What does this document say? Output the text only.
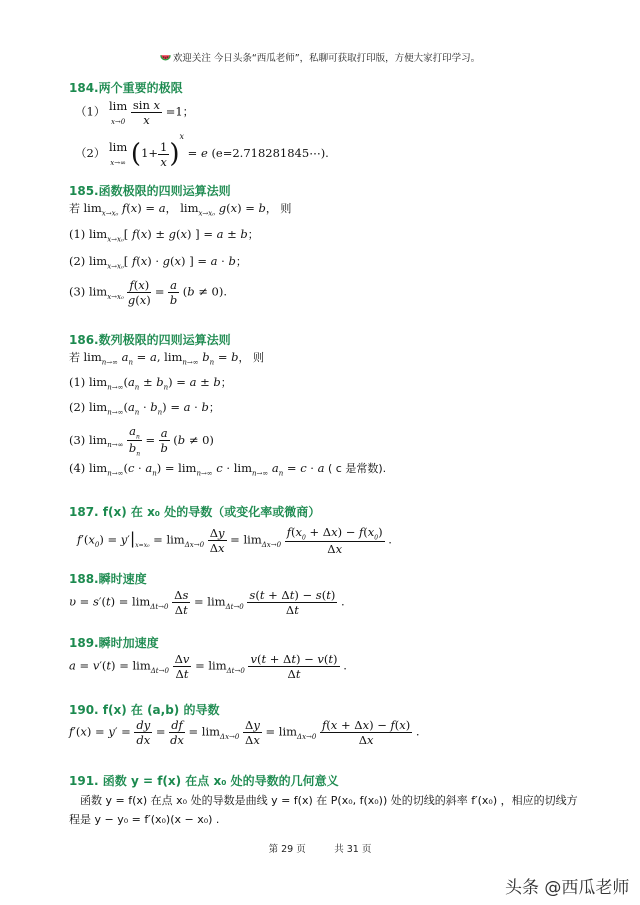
欢迎关注 今日头条“西瓜老师”，私聊可获取打印版，方便大家打印学习。
184.两个重要的极限
（1） lim
$x\to 0 \frac{\text{sin x}}{x} =1$；
（2） lim
x→∞ $(1+ \frac{1}{x} )^x = e$ (e=2.718281845⋯).
185.函数极限的四则运算法则
若 $\lim_{x\to x_0} f(x) = a$， $\lim_{x\to x_0} g(x) = b$， 则
(1) $\lim_{x\to x_0}$[ f(x) ± g(x) ] = a ± b；
(2) $\lim_{x\to x_0}$[ f(x) · g(x) ] = a · b；
(3) $\lim_{x\to x_0} \frac{f(x)}{g(x)} = \frac{a}{b} (b \ne 0)$.
186.数列极限的四则运算法则
若 $\lim_{n\to\infty} a_n = a$, $\lim_{n\to\infty} b_n = b$， 则
(1) $\lim_{n\to\infty}(a_n \pm b_n) = a \pm b$；
(2) $\lim_{n\to\infty}(a_n \cdot b_n) = a \cdot b$；
(3) $\lim_{n\to\infty} \frac{a_n}{b_n} = \frac{a}{b} (b \ne 0)$
(4) $\lim_{n\to\infty}(c \cdot a_n) = \lim_{n\to\infty} c \cdot \lim_{n\to\infty} a_n = c \cdot a$ ( c 是常数).
187. f(x) 在 x₀ 处的导数（或变化率或微商）
$f'(x_0) = y'|_{x=x_0} = \lim_{\Delta x\to 0} \frac{\Delta y}{\Delta x} = \lim_{\Delta x\to 0} \frac{f(x_0 + \Delta x) - f(x_0)}{\Delta x}$ .
188.瞬时速度
$\upsilon = s'(t) = \lim_{\Delta t\to 0} \frac{\Delta s}{\Delta t} = \lim_{\Delta t\to 0} \frac{s(t + \Delta t) - s(t)}{\Delta t}$ .
189.瞬时加速度
$a = v'(t) = \lim_{\Delta t\to 0} \frac{\Delta v}{\Delta t} = \lim_{\Delta t\to 0} \frac{v(t + \Delta t) - v(t)}{\Delta t}$ .
190. f(x) 在 (a,b) 的导数
$f'(x) = y' = \frac{dy}{dx} = \frac{df}{dx} = \lim_{\Delta x\to 0} \frac{\Delta y}{\Delta x} = \lim_{\Delta x\to 0} \frac{f(x + \Delta x) - f(x)}{\Delta x}$ .
191. 函数 y = f(x) 在点 x₀ 处的导数的几何意义
函数 y = f(x) 在点 x₀ 处的导数是曲线 y = f(x) 在 P(x₀, f(x₀)) 处的切线的斜率 f′(x₀) ，相应的切线方
程是 y − y₀ = f′(x₀)(x − x₀) .
第 29 页　　　共 31 页
头条 @西瓜老师
